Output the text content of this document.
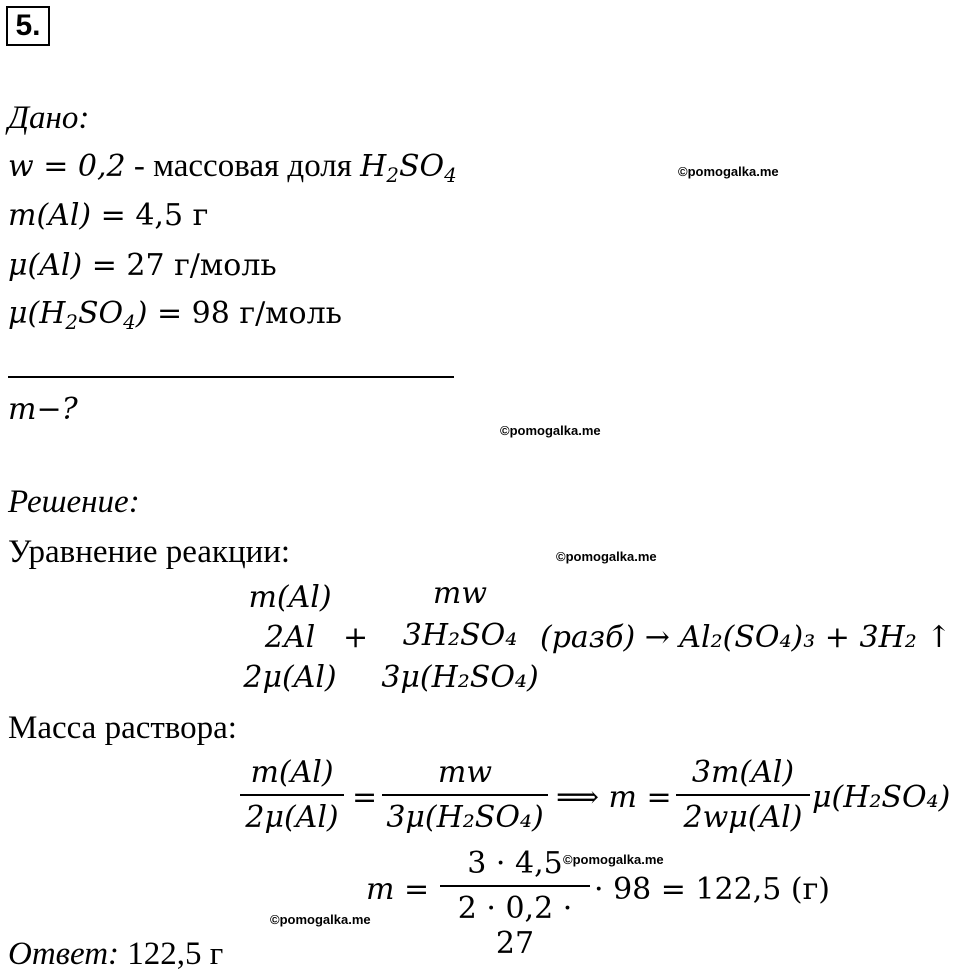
5.
Дано:
w = 0,2 - массовая доля $H_2SO_4$
m(Al) = 4,5 г
μ(Al) = 27 г/моль
$\mu(H_2SO_4) = 98$ г/моль
m−?
Решение:
Уравнение реакции:
m(Al)
2Al
2μ(Al)
+
mw
3H₂SO₄
3μ(H₂SO₄)
(разб) → Al₂(SO₄)₃ + 3H₂ ↑
Масса раствора:
m(Al)
2μ(Al)
=
mw
3μ(H₂SO₄)
⟹ m =
3m(Al)
2wμ(Al)
μ(H₂SO₄)
m =
3 · 4,5
2 · 0,2 · 27
· 98 = 122,5 (г)
Ответ: 122,5 г
©pomogalka.me
©pomogalka.me
©pomogalka.me
©pomogalka.me
©pomogalka.me
